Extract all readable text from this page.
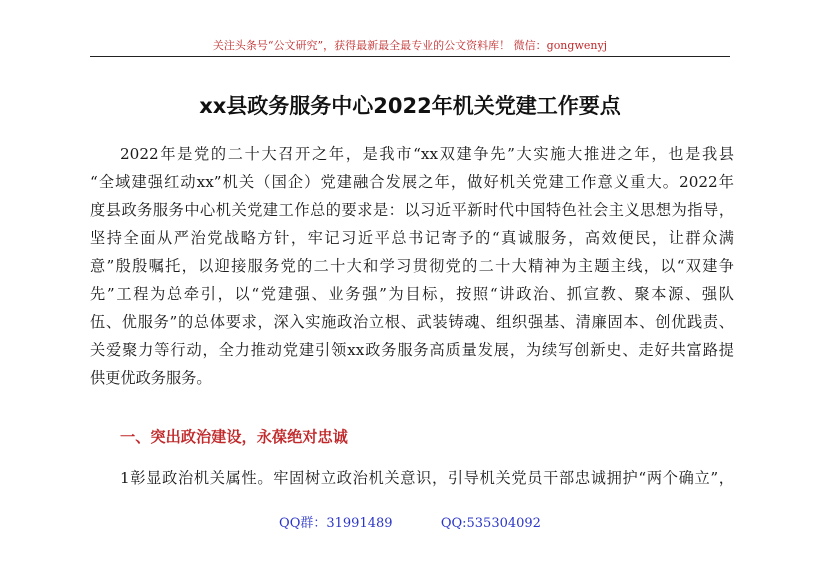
关注头条号“公文研究”，获得最新最全最专业的公文资料库！ 微信：gongwenyj
xx县政务服务中心2022年机关党建工作要点
2022年是党的二十大召开之年，是我市“xx双建争先”大实施大推进之年，也是我县
“全域建强红动xx”机关（国企）党建融合发展之年，做好机关党建工作意义重大。2022年
度县政务服务中心机关党建工作总的要求是：以习近平新时代中国特色社会主义思想为指导，
坚持全面从严治党战略方针，牢记习近平总书记寄予的“真诚服务，高效便民，让群众满
意”殷殷嘱托，以迎接服务党的二十大和学习贯彻党的二十大精神为主题主线，以“双建争
先”工程为总牵引，以“党建强、业务强”为目标，按照“讲政治、抓宣教、聚本源、强队
伍、优服务”的总体要求，深入实施政治立根、武装铸魂、组织强基、清廉固本、创优践责、
关爱聚力等行动，全力推动党建引领xx政务服务高质量发展，为续写创新史、走好共富路提
供更优政务服务。
一、突出政治建设，永葆绝对忠诚
1彰显政治机关属性。牢固树立政治机关意识，引导机关党员干部忠诚拥护“两个确立”，
QQ群：31991489	QQ:535304092
